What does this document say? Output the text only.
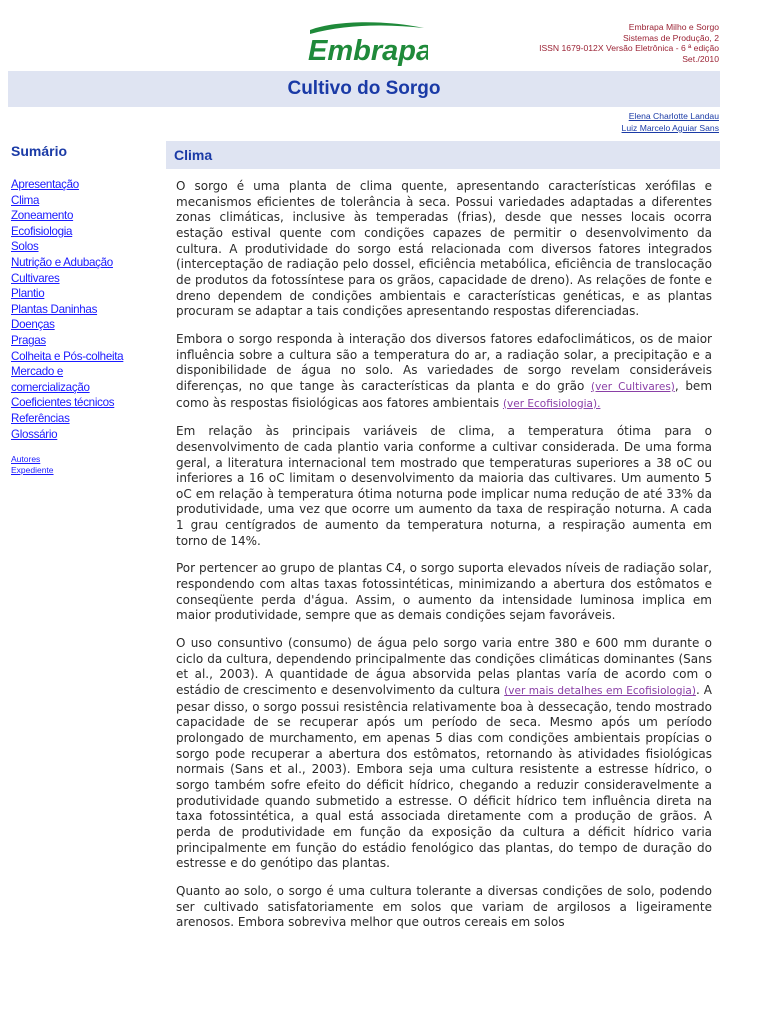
Embrapa
Embrapa Milho e Sorgo
Sistemas de Produção, 2
ISSN 1679-012X Versão Eletrônica - 6 ª edição
Set./2010
Cultivo do Sorgo
Elena Charlotte Landau
Luiz Marcelo Aguiar Sans
Sumário
Apresentação
Clima
Zoneamento
Ecofisiologia
Solos
Nutrição e Adubação
Cultivares
Plantio
Plantas Daninhas
Doenças
Pragas
Colheita e Pós-colheita
Mercado e
comercialização
Coeficientes técnicos
Referências
Glossário
Autores
Expediente
Clima

O sorgo é uma planta de clima quente, apresentando características xerófilas e mecanismos eficientes de tolerância à seca. Possui variedades adaptadas a diferentes zonas climáticas, inclusive às temperadas (frias), desde que nesses locais ocorra estação estival quente com condições capazes de permitir o desenvolvimento da cultura. A produtividade do sorgo está relacionada com diversos fatores integrados (interceptação de radiação pelo dossel, eficiência metabólica, eficiência de translocação de produtos da fotossíntese para os grãos, capacidade de dreno). As relações de fonte e dreno dependem de condições ambientais e características genéticas, e as plantas procuram se adaptar a tais condições apresentando respostas diferenciadas.

Embora o sorgo responda à interação dos diversos fatores edafoclimáticos, os de maior influência sobre a cultura são a temperatura do ar, a radiação solar, a precipitação e a disponibilidade de água no solo. As variedades de sorgo revelam consideráveis diferenças, no que tange às características da planta e do grão (ver Cultivares), bem como às respostas fisiológicas aos fatores ambientais (ver Ecofisiologia).

Em relação às principais variáveis de clima, a temperatura ótima para o desenvolvimento de cada plantio varia conforme a cultivar considerada. De uma forma geral, a literatura internacional tem mostrado que temperaturas superiores a 38 oC ou inferiores a 16 oC limitam o desenvolvimento da maioria das cultivares. Um aumento 5 oC em relação à temperatura ótima noturna pode implicar numa redução de até 33% da produtividade, uma vez que ocorre um aumento da taxa de respiração noturna. A cada 1 grau centígrados de aumento da temperatura noturna, a respiração aumenta em torno de 14%.

Por pertencer ao grupo de plantas C4, o sorgo suporta elevados níveis de radiação solar, respondendo com altas taxas fotossintéticas, minimizando a abertura dos estômatos e conseqüente perda d'água. Assim, o aumento da intensidade luminosa implica em maior produtividade, sempre que as demais condições sejam favoráveis.

O uso consuntivo (consumo) de água pelo sorgo varia entre 380 e 600 mm durante o ciclo da cultura, dependendo principalmente das condições climáticas dominantes (Sans et al., 2003). A quantidade de água absorvida pelas plantas varía de acordo com o estádio de crescimento e desenvolvimento da cultura (ver mais detalhes em Ecofisiologia). A pesar disso, o sorgo possui resistência relativamente boa à dessecação, tendo mostrado capacidade de se recuperar após um período de seca. Mesmo após um período prolongado de murchamento, em apenas 5 dias com condições ambientais propícias o sorgo pode recuperar a abertura dos estômatos, retornando às atividades fisiológicas normais (Sans et al., 2003). Embora seja uma cultura resistente a estresse hídrico, o sorgo também sofre efeito do déficit hídrico, chegando a reduzir consideravelmente a produtividade quando submetido a estresse. O déficit hídrico tem influência direta na taxa fotossintética, a qual está associada diretamente com a produção de grãos. A perda de produtividade em função da exposição da cultura a déficit hídrico varia principalmente em função do estádio fenológico das plantas, do tempo de duração do estresse e do genótipo das plantas.

Quanto ao solo, o sorgo é uma cultura tolerante a diversas condições de solo, podendo ser cultivado satisfatoriamente em solos que variam de argilosos a ligeiramente arenosos. Embora sobreviva melhor que outros cereais em solos
